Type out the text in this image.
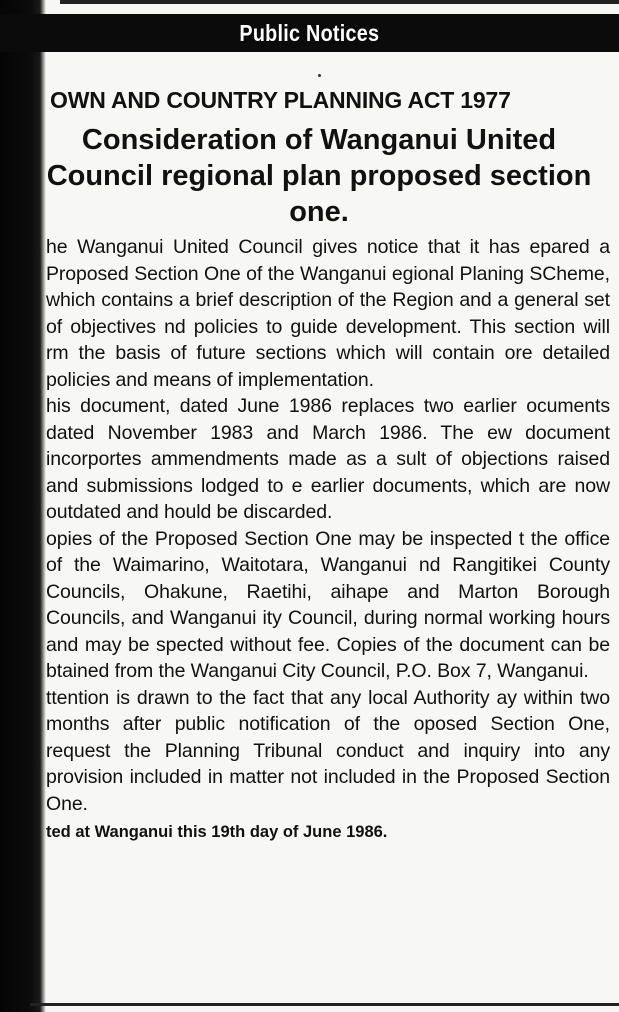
Public Notices
OWN AND COUNTRY PLANNING ACT 1977
Consideration of Wanganui United Council regional plan proposed section one.

he Wanganui United Council gives notice that it has epared a Proposed Section One of the Wanganui egional Planing SCheme, which contains a brief description of the Region and a general set of objectives nd policies to guide development. This section will rm the basis of future sections which will contain ore detailed policies and means of implementation.

his document, dated June 1986 replaces two earlier ocuments dated November 1983 and March 1986. The ew document incorportes ammendments made as a sult of objections raised and submissions lodged to e earlier documents, which are now outdated and hould be discarded.

opies of the Proposed Section One may be inspected t the office of the Waimarino, Waitotara, Wanganui nd Rangitikei County Councils, Ohakune, Raetihi, aihape and Marton Borough Councils, and Wanganui ity Council, during normal working hours and may be spected without fee. Copies of the document can be btained from the Wanganui City Council, P.O. Box 7, Wanganui.

ttention is drawn to the fact that any local Authority ay within two months after public notification of the oposed Section One, request the Planning Tribunal conduct and inquiry into any provision included in matter not included in the Proposed Section One.

ted at Wanganui this 19th day of June 1986.
